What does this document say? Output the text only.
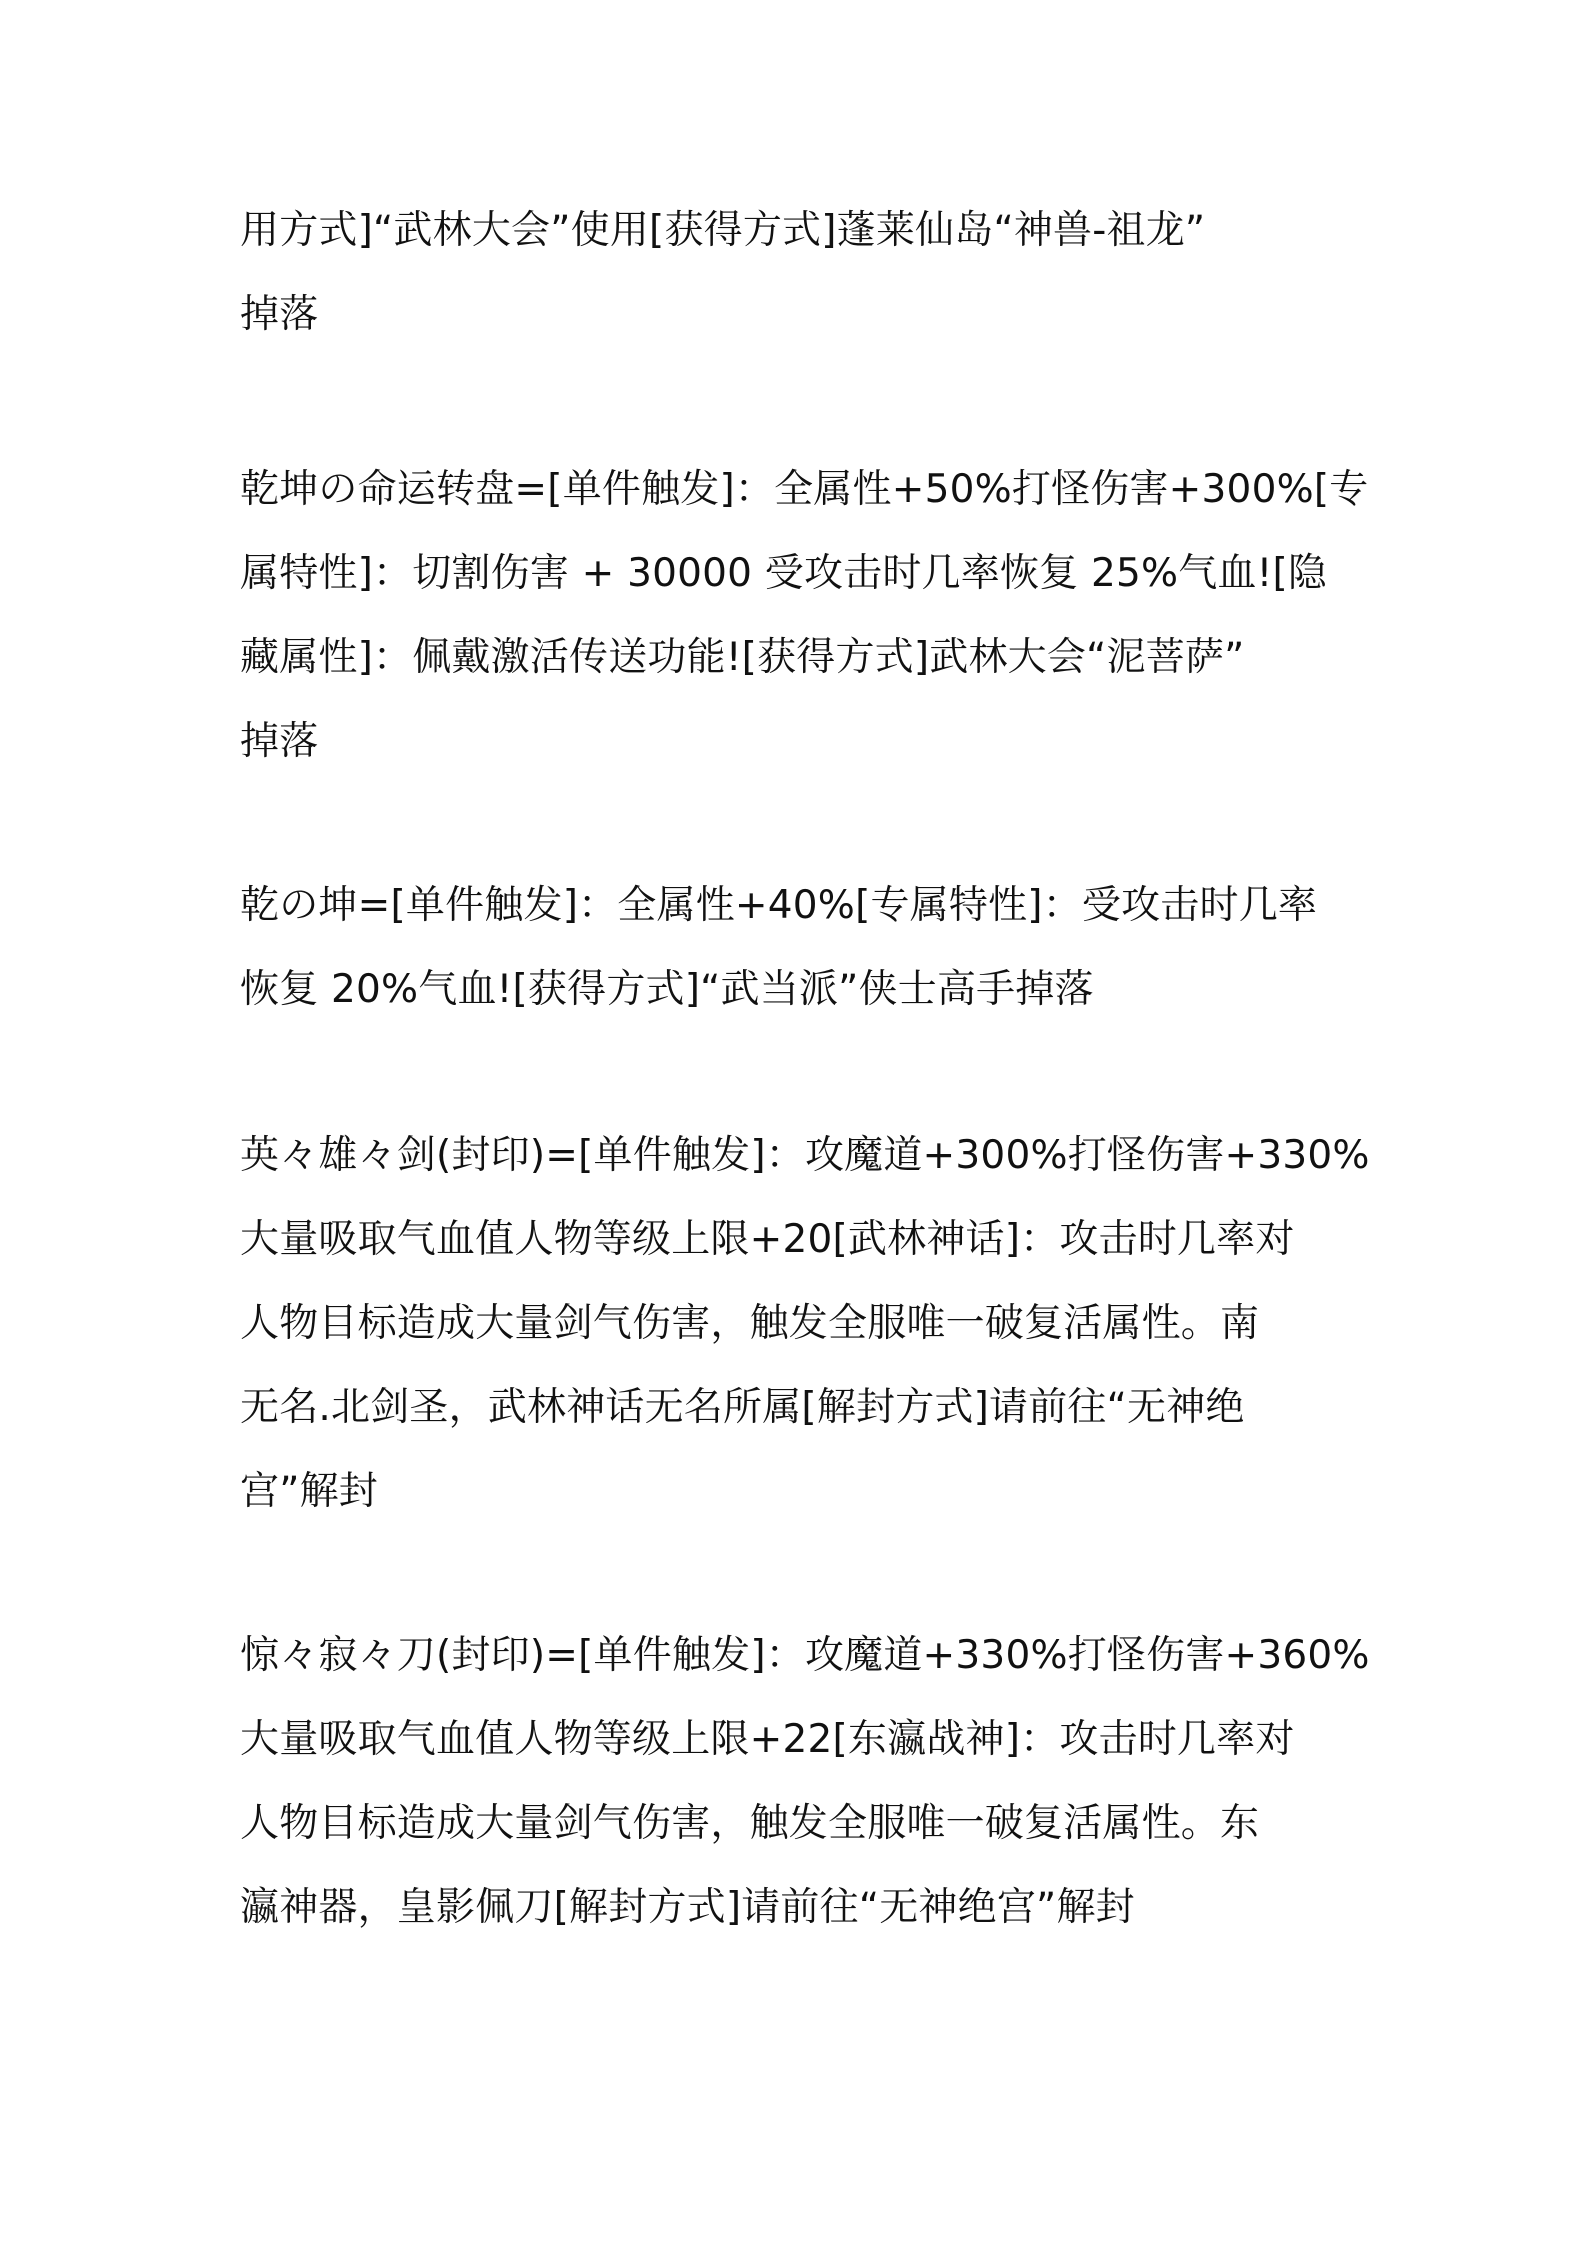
用方式]“武林大会”使用[获得方式]蓬莱仙岛“神兽-祖龙”
掉落
乾坤の命运转盘=[单件触发]：全属性+50%打怪伤害+300%[专
属特性]：切割伤害 + 30000 受攻击时几率恢复 25%气血![隐
藏属性]：佩戴激活传送功能![获得方式]武林大会“泥菩萨”
掉落
乾の坤=[单件触发]：全属性+40%[专属特性]：受攻击时几率
恢复 20%气血![获得方式]“武当派”侠士高手掉落
英々雄々剑(封印)=[单件触发]：攻魔道+300%打怪伤害+330%
大量吸取气血值人物等级上限+20[武林神话]：攻击时几率对
人物目标造成大量剑气伤害，触发全服唯一破复活属性。南
无名.北剑圣，武林神话无名所属[解封方式]请前往“无神绝
宫”解封
惊々寂々刀(封印)=[单件触发]：攻魔道+330%打怪伤害+360%
大量吸取气血值人物等级上限+22[东瀛战神]：攻击时几率对
人物目标造成大量剑气伤害，触发全服唯一破复活属性。东
瀛神器，皇影佩刀[解封方式]请前往“无神绝宫”解封
